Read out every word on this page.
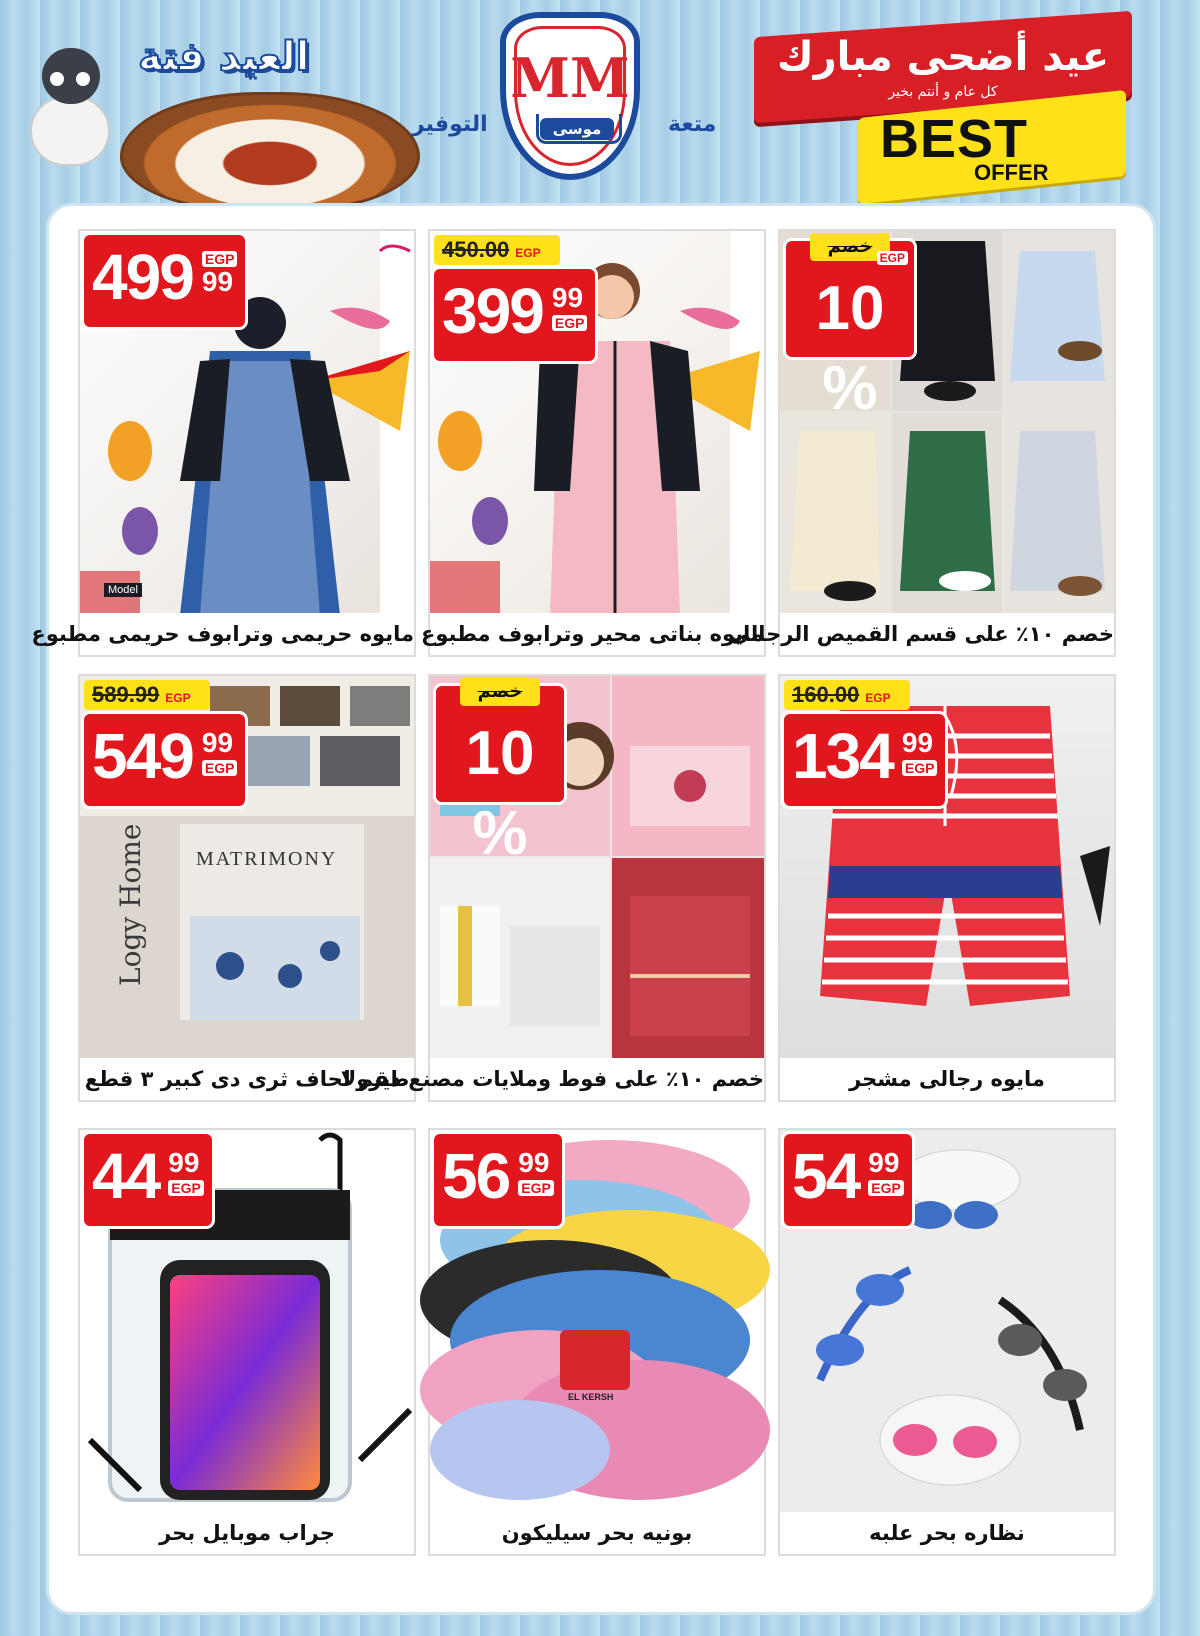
العيد فتة	MM
موسى
التوفير	متعة
عيد أضحى مبارك
كل عام و أنتم بخير
BEST
OFFER
Model
499 EGP
99
مايوه حريمى وترابوف حريمى مطبوع
450.00 EGP
399 99
EGP
مايوه بناتى محير وترابوف مطبوع
خصم
EGP
10 %
خصم ١٠٪ على قسم القميص الرجالى
Logy Home MATRIMONY
589.99 EGP
549 99
EGP
طقم لحاف ثرى دى كبير ٣ قطع
خصم
10 %
خصم ١٠٪ على فوط وملايات مصنع ديرولا
160.00 EGP
134 99
EGP
مايوه رجالى مشجر
44 99
EGP
جراب موبايل بحر
EL KERSH
56 99
EGP
بونيه بحر سيليكون
54 99
EGP
نظاره بحر علبه
